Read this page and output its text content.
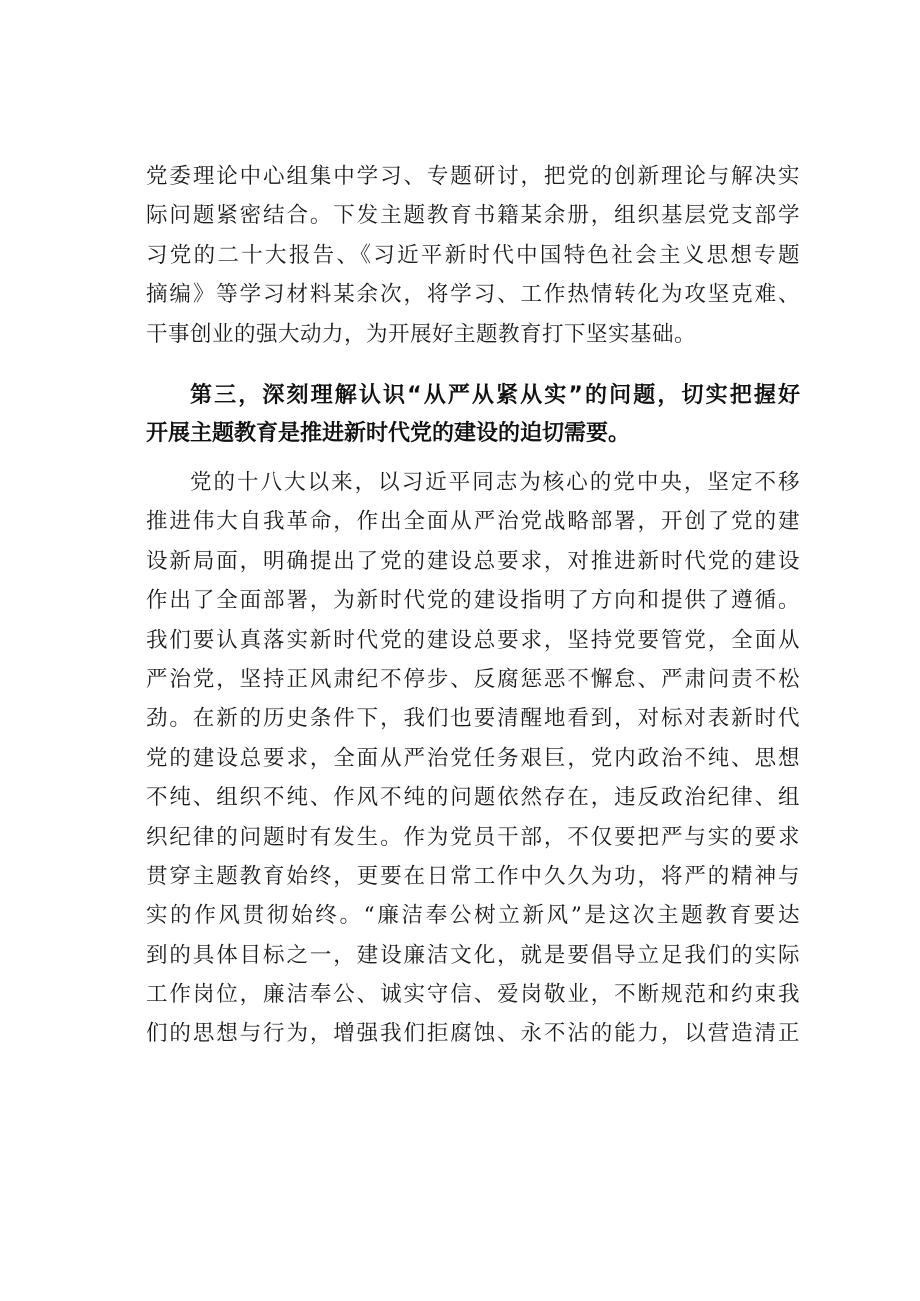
党委理论中心组集中学习、专题研讨，把党的创新理论与解决实
际问题紧密结合。下发主题教育书籍某余册，组织基层党支部学
习党的二十大报告、《习近平新时代中国特色社会主义思想专题
摘编》等学习材料某余次，将学习、工作热情转化为攻坚克难、
干事创业的强大动力，为开展好主题教育打下坚实基础。
第三，深刻理解认识“从严从紧从实”的问题，切实把握好
开展主题教育是推进新时代党的建设的迫切需要。
党的十八大以来，以习近平同志为核心的党中央，坚定不移
推进伟大自我革命，作出全面从严治党战略部署，开创了党的建
设新局面，明确提出了党的建设总要求，对推进新时代党的建设
作出了全面部署，为新时代党的建设指明了方向和提供了遵循。
我们要认真落实新时代党的建设总要求，坚持党要管党，全面从
严治党，坚持正风肃纪不停步、反腐惩恶不懈怠、严肃问责不松
劲。在新的历史条件下，我们也要清醒地看到，对标对表新时代
党的建设总要求，全面从严治党任务艰巨，党内政治不纯、思想
不纯、组织不纯、作风不纯的问题依然存在，违反政治纪律、组
织纪律的问题时有发生。作为党员干部，不仅要把严与实的要求
贯穿主题教育始终，更要在日常工作中久久为功，将严的精神与
实的作风贯彻始终。“廉洁奉公树立新风”是这次主题教育要达
到的具体目标之一，建设廉洁文化，就是要倡导立足我们的实际
工作岗位，廉洁奉公、诚实守信、爱岗敬业，不断规范和约束我
们的思想与行为，增强我们拒腐蚀、永不沾的能力，以营造清正
